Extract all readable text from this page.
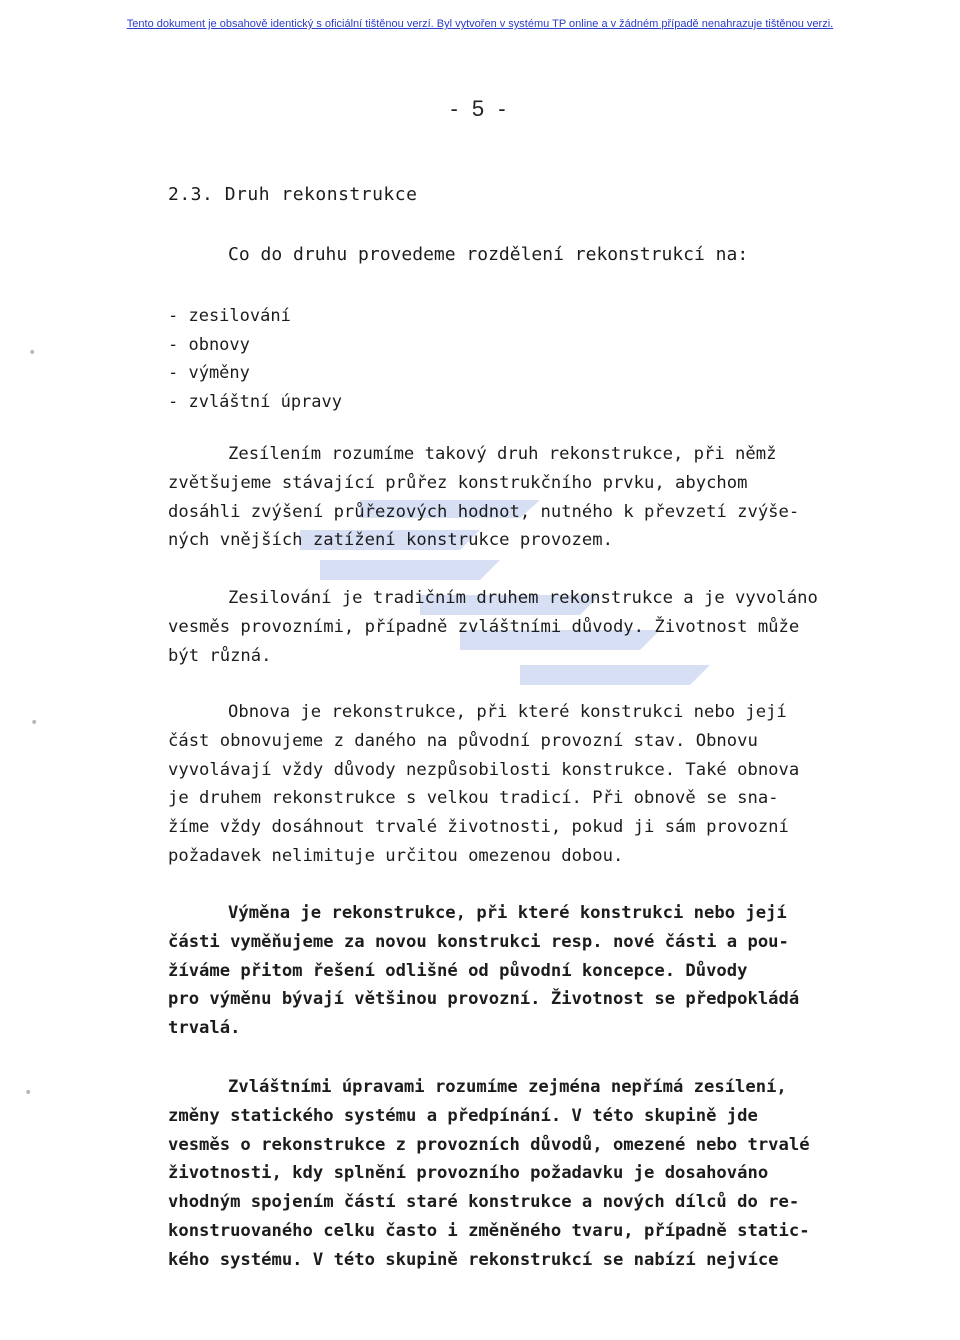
Tento dokument je obsahově identický s oficiální tištěnou verzí. Byl vytvořen v systému TP online a v žádném případě nenahrazuje tištěnou verzi.
- 5 -
2.3. Druh rekonstrukce
Co do druhu provedeme rozdělení rekonstrukcí na:
- zesilování
- obnovy
- výměny
- zvláštní úpravy

Zesílením rozumíme takový druh rekonstrukce, při němž
zvětšujeme stávající průřez konstrukčního prvku, abychom
dosáhli zvýšení průřezových hodnot, nutného k převzetí zvýše-
ných vnějších zatížení konstrukce provozem.

Zesilování je tradičním druhem rekonstrukce a je vyvoláno
vesměs provozními, případně zvláštními důvody. Životnost může
být různá.

Obnova je rekonstrukce, při které konstrukci nebo její
část obnovujeme z daného na původní provozní stav. Obnovu
vyvolávají vždy důvody nezpůsobilosti konstrukce. Také obnova
je druhem rekonstrukce s velkou tradicí. Při obnově se sna-
žíme vždy dosáhnout trvalé životnosti, pokud ji sám provozní
požadavek nelimituje určitou omezenou dobou.

Výměna je rekonstrukce, při které konstrukci nebo její
části vyměňujeme za novou konstrukci resp. nové části a pou-
žíváme přitom řešení odlišné od původní koncepce. Důvody
pro výměnu bývají většinou provozní. Životnost se předpokládá
trvalá.

Zvláštními úpravami rozumíme zejména nepřímá zesílení,
změny statického systému a předpínání. V této skupině jde
vesměs o rekonstrukce z provozních důvodů, omezené nebo trvalé
životnosti, kdy splnění provozního požadavku je dosahováno
vhodným spojením částí staré konstrukce a nových dílců do re-
konstruovaného celku často i změněného tvaru, případně static-
kého systému. V této skupině rekonstrukcí se nabízí nejvíce

•
•
•
